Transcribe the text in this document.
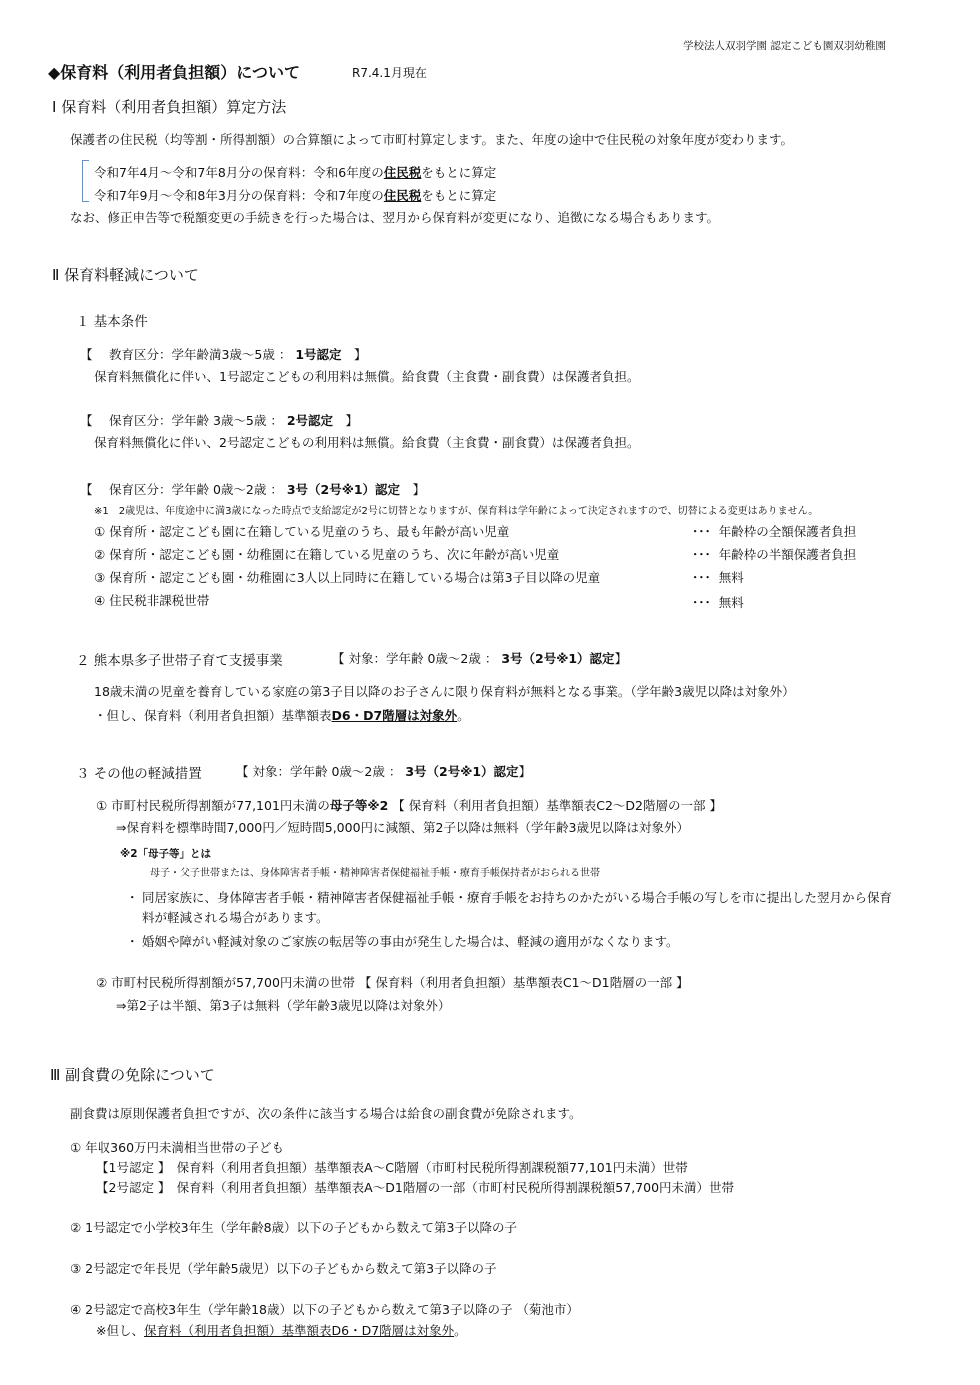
学校法人双羽学園 認定こども園双羽幼稚園
◆保育料（利用者負担額）について	R7.4.1月現在
Ⅰ 保育料（利用者負担額）算定方法
保護者の住民税（均等割・所得割額）の合算額によって市町村算定します。また、年度の途中で住民税の対象年度が変わります。
令和7年4月～令和7年8月分の保育料：令和6年度の住民税をもとに算定
令和7年9月～令和8年3月分の保育料：令和7年度の住民税をもとに算定
なお、修正申告等で税額変更の手続きを行った場合は、翌月から保育料が変更になり、追徴になる場合もあります。
Ⅱ 保育料軽減について
１ 基本条件
【　 教育区分：学年齢満3歳～5歳 ： 1号認定　】
保育料無償化に伴い、1号認定こどもの利用料は無償。給食費（主食費・副食費）は保護者負担。
【　 保育区分：学年齢 3歳～5歳 ： 2号認定　】
保育料無償化に伴い、2号認定こどもの利用料は無償。給食費（主食費・副食費）は保護者負担。
【　 保育区分：学年齢 0歳～2歳 ： 3号（2号※1）認定　】
※1　2歳児は、年度途中に満3歳になった時点で支給認定が2号に切替となりますが、保育料は学年齢によって決定されますので、切替による変更はありません。
① 保育所・認定こども園に在籍している児童のうち、最も年齢が高い児童	･･･ 年齢枠の全額保護者負担
② 保育所・認定こども園・幼稚園に在籍している児童のうち、次に年齢が高い児童	･･･ 年齢枠の半額保護者負担
③ 保育所・認定こども園・幼稚園に3人以上同時に在籍している場合は第3子目以降の児童	･･･ 無料
④ 住民税非課税世帯	･･･ 無料
２ 熊本県多子世帯子育て支援事業	【 対象：学年齢 0歳～2歳 ： 3号（2号※1）認定】
18歳未満の児童を養育している家庭の第3子目以降のお子さんに限り保育料が無料となる事業。（学年齢3歳児以降は対象外）
・但し、保育料（利用者負担額）基準額表D6・D7階層は対象外。
３ その他の軽減措置	【 対象：学年齢 0歳～2歳 ： 3号（2号※1）認定】
① 市町村民税所得割額が77,101円未満の母子等※2 【 保育料（利用者負担額）基準額表C2～D2階層の一部 】
⇒保育料を標準時間7,000円／短時間5,000円に減額、第2子以降は無料（学年齢3歳児以降は対象外）
※2「母子等」とは
母子・父子世帯または、身体障害者手帳・精神障害者保健福祉手帳・療育手帳保持者がおられる世帯
・ 同居家族に、身体障害者手帳・精神障害者保健福祉手帳・療育手帳をお持ちのかたがいる場合手帳の写しを市に提出した翌月から保育
料が軽減される場合があります。
・ 婚姻や障がい軽減対象のご家族の転居等の事由が発生した場合は、軽減の適用がなくなります。
② 市町村民税所得割額が57,700円未満の世帯 【 保育料（利用者負担額）基準額表C1～D1階層の一部 】
⇒第2子は半額、第3子は無料（学年齢3歳児以降は対象外）
Ⅲ 副食費の免除について
副食費は原則保護者負担ですが、次の条件に該当する場合は給食の副食費が免除されます。
① 年収360万円未満相当世帯の子ども
【1号認定 】　保育料（利用者負担額）基準額表A～C階層（市町村民税所得割課税額77,101円未満）世帯
【2号認定 】　保育料（利用者負担額）基準額表A～D1階層の一部（市町村民税所得割課税額57,700円未満）世帯
② 1号認定で小学校3年生（学年齢8歳）以下の子どもから数えて第3子以降の子
③ 2号認定で年長児（学年齢5歳児）以下の子どもから数えて第3子以降の子
④ 2号認定で高校3年生（学年齢18歳）以下の子どもから数えて第3子以降の子 （菊池市）
※但し、保育料（利用者負担額）基準額表D6・D7階層は対象外。
